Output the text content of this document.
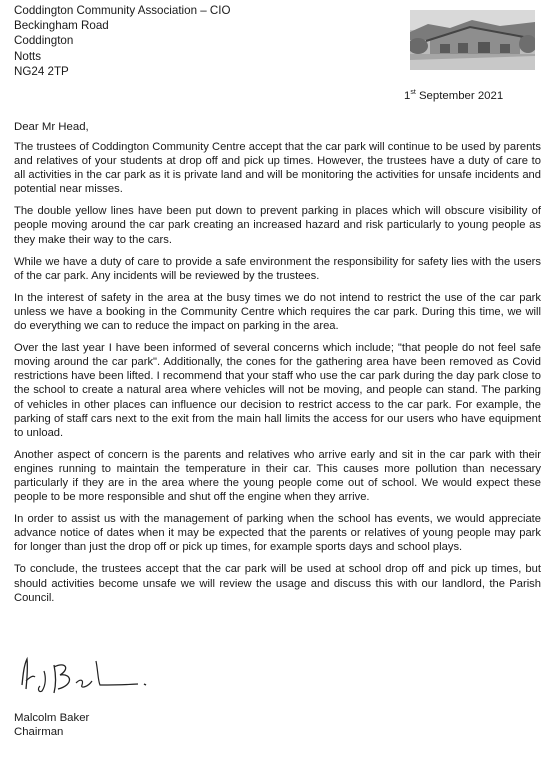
Coddington Community Association – CIO
Beckingham Road
Coddington
Notts
NG24 2TP
1st September 2021
Dear Mr Head,

The trustees of Coddington Community Centre accept that the car park will continue to be used by parents and relatives of your students at drop off and pick up times. However, the trustees have a duty of care to all activities in the car park as it is private land and will be monitoring the activities for unsafe incidents and potential near misses.

The double yellow lines have been put down to prevent parking in places which will obscure visibility of people moving around the car park creating an increased hazard and risk particularly to young people as they make their way to the cars.

While we have a duty of care to provide a safe environment the responsibility for safety lies with the users of the car park. Any incidents will be reviewed by the trustees.

In the interest of safety in the area at the busy times we do not intend to restrict the use of the car park unless we have a booking in the Community Centre which requires the car park. During this time, we will do everything we can to reduce the impact on parking in the area.

Over the last year I have been informed of several concerns which include; "that people do not feel safe moving around the car park". Additionally, the cones for the gathering area have been removed as Covid restrictions have been lifted. I recommend that your staff who use the car park during the day park close to the school to create a natural area where vehicles will not be moving, and people can stand. The parking of vehicles in other places can influence our decision to restrict access to the car park. For example, the parking of staff cars next to the exit from the main hall limits the access for our users who have equipment to unload.

Another aspect of concern is the parents and relatives who arrive early and sit in the car park with their engines running to maintain the temperature in their car. This causes more pollution than necessary particularly if they are in the area where the young people come out of school. We would expect these people to be more responsible and shut off the engine when they arrive.

In order to assist us with the management of parking when the school has events, we would appreciate advance notice of dates when it may be expected that the parents or relatives of young people may park for longer than just the drop off or pick up times, for example sports days and school plays.

To conclude, the trustees accept that the car park will be used at school drop off and pick up times, but should activities become unsafe we will review the usage and discuss this with our landlord, the Parish Council.

Malcolm Baker
Chairman
